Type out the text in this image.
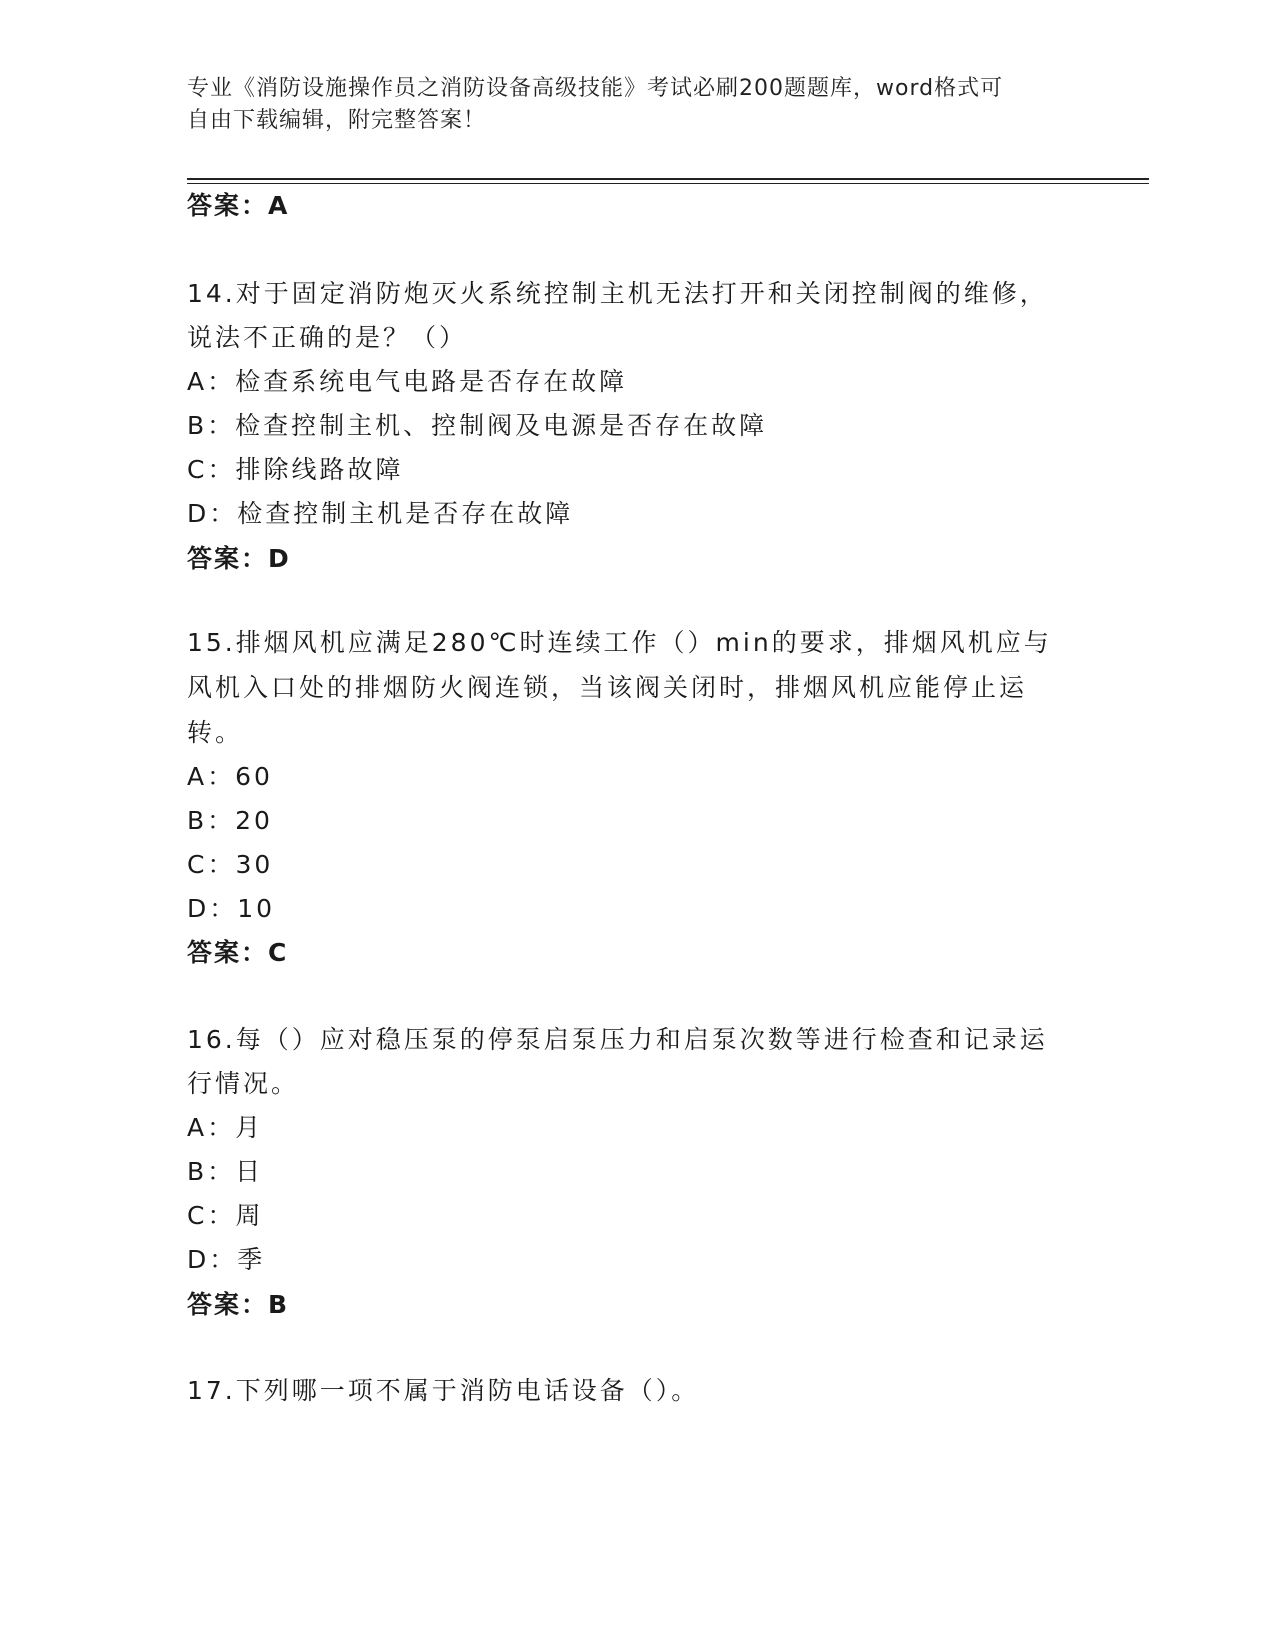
专业《消防设施操作员之消防设备高级技能》考试必刷200题题库，word格式可
自由下载编辑，附完整答案！
答案：A
14.对于固定消防炮灭火系统控制主机无法打开和关闭控制阀的维修，
说法不正确的是？（）
A：检查系统电气电路是否存在故障
B：检查控制主机、控制阀及电源是否存在故障
C：排除线路故障
D：检查控制主机是否存在故障
答案：D
15.排烟风机应满足280℃时连续工作（）min的要求，排烟风机应与
风机入口处的排烟防火阀连锁，当该阀关闭时，排烟风机应能停止运
转。
A：60
B：20
C：30
D：10
答案：C
16.每（）应对稳压泵的停泵启泵压力和启泵次数等进行检查和记录运
行情况。
A：月
B：日
C：周
D：季
答案：B
17.下列哪一项不属于消防电话设备（）。
